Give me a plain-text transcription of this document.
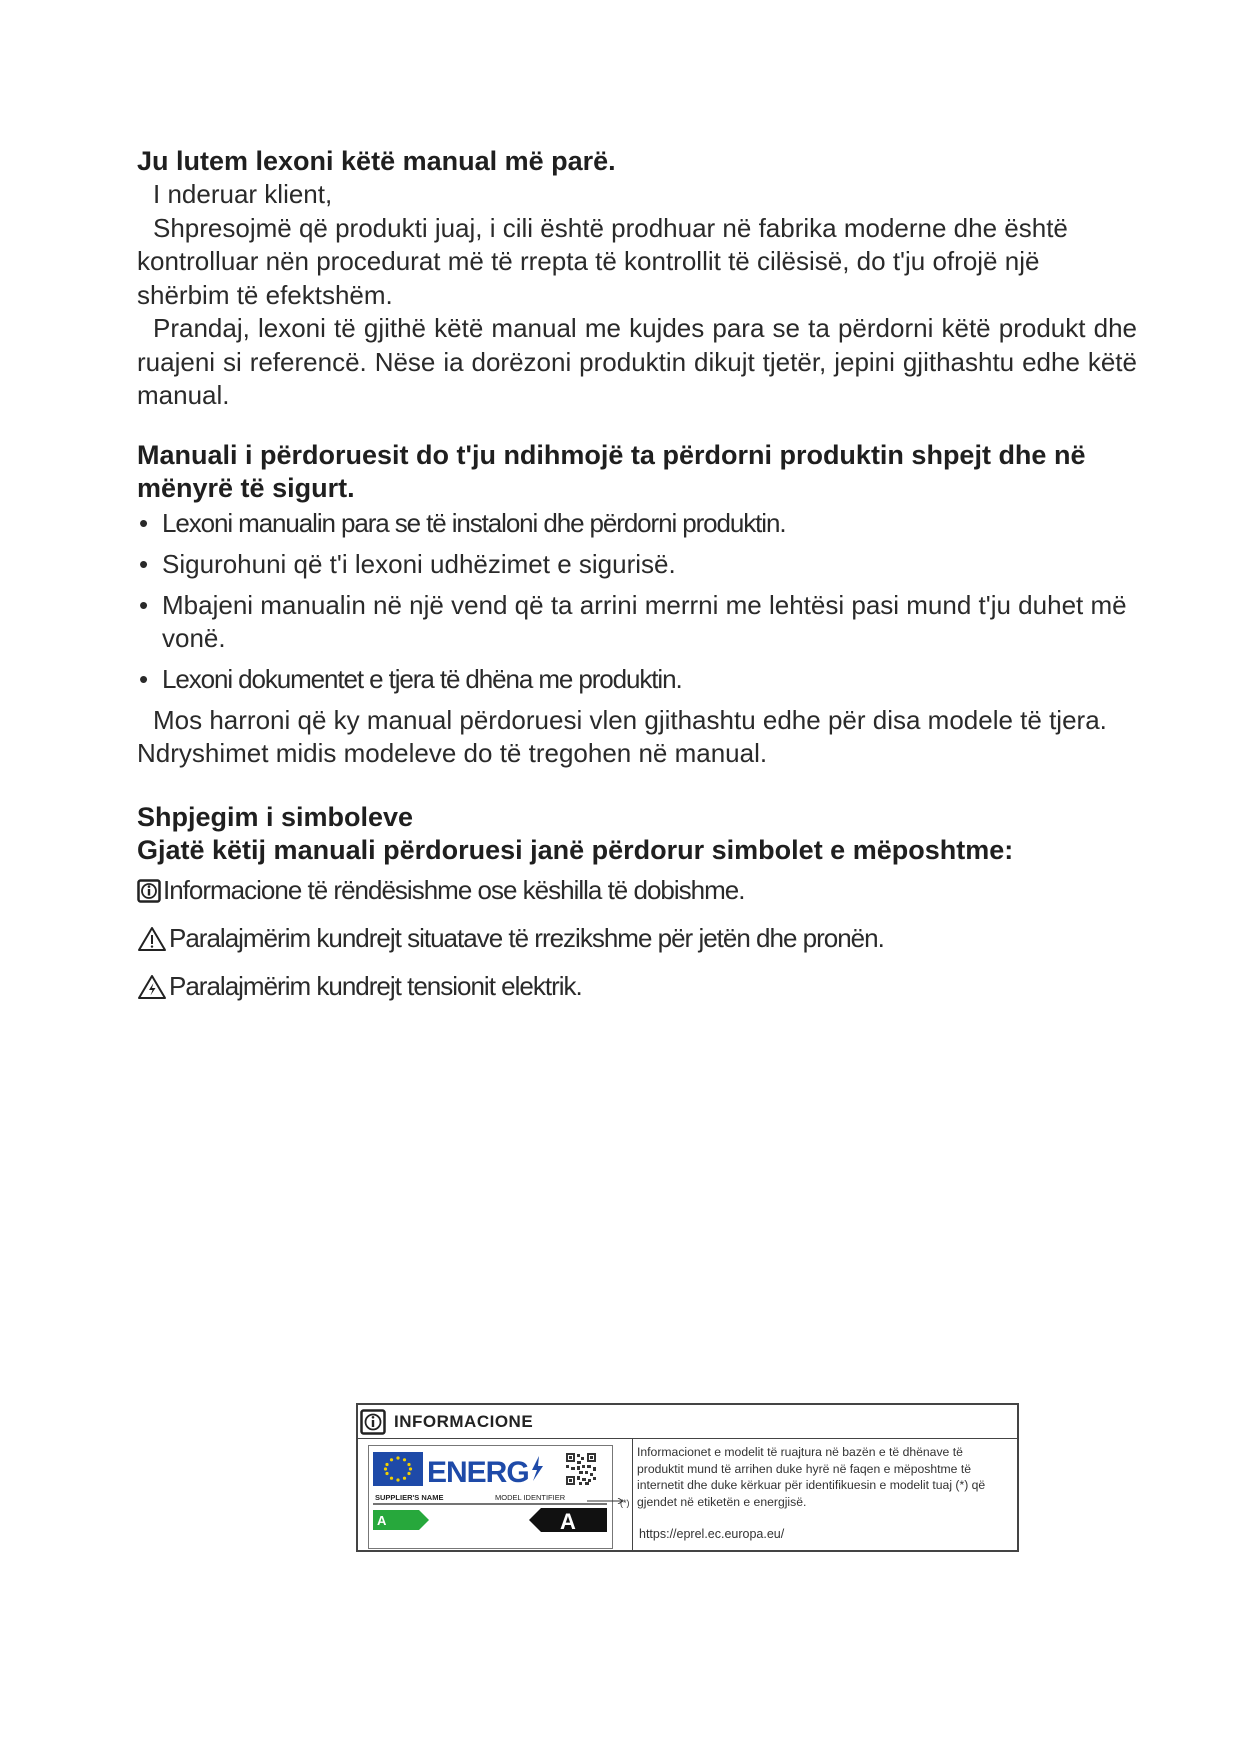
Ju lutem lexoni këtë manual më parë.

I nderuar klient,

Shpresojmë që produkti juaj, i cili është prodhuar në fabrika moderne dhe është kontrolluar nën procedurat më të rrepta të kontrollit të cilësisë, do t'ju ofrojë një shërbim të efektshëm.

Prandaj, lexoni të gjithë këtë manual me kujdes para se ta përdorni këtë produkt dhe ruajeni si referencë. Nëse ia dorëzoni produktin dikujt tjetër, jepini gjithashtu edhe këtë manual.

Manuali i përdoruesit do t'ju ndihmojë ta përdorni produktin shpejt dhe në mënyrë të sigurt.
• Lexoni manualin para se të instaloni dhe përdorni produktin.
• Sigurohuni që t'i lexoni udhëzimet e sigurisë.
• Mbajeni manualin në një vend që ta arrini merrni me lehtësi pasi mund t'ju duhet më vonë.
• Lexoni dokumentet e tjera të dhëna me produktin.

Mos harroni që ky manual përdoruesi vlen gjithashtu edhe për disa modele të tjera. Ndryshimet midis modeleve do të tregohen në manual.

Shpjegim i simboleve
Gjatë këtij manuali përdoruesi janë përdorur simbolet e mëposhtme:
Informacione të rëndësishme ose këshilla të dobishme.
Paralajmërim kundrejt situatave të rrezikshme për jetën dhe pronën.
Paralajmërim kundrejt tensionit elektrik.
INFORMACIONE
ENERG
SUPPLIER'S NAME	MODEL IDENTIFIER
A	A
(*)
Informacionet e modelit të ruajtura në bazën e të dhënave të produktit mund të arrihen duke hyrë në faqen e mëposhtme të internetit dhe duke kërkuar për identifikuesin e modelit tuaj (*) që gjendet në etiketën e energjisë.
https://eprel.ec.europa.eu/
